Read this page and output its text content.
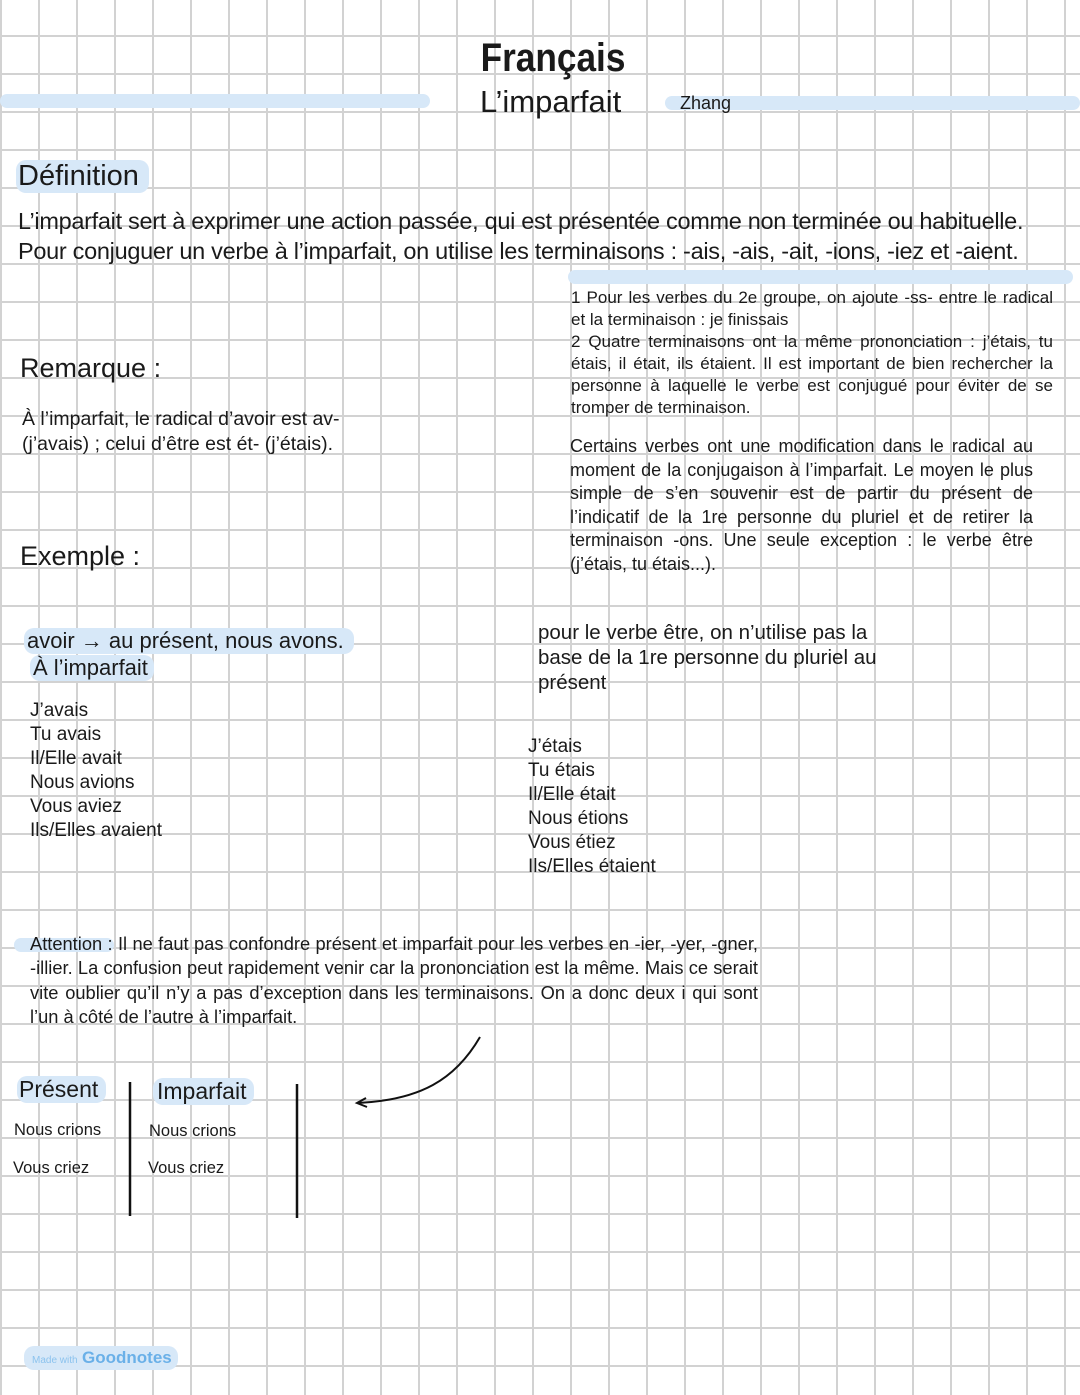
Français
L’imparfait	Zhang
Définition
L’imparfait sert à exprimer une action passée, qui est présentée comme non terminée ou habituelle. Pour conjuguer un verbe à l’imparfait, on utilise les terminaisons : -ais, -ais, -ait, -ions, -iez et -aient.
1 Pour les verbes du 2e groupe, on ajoute -ss- entre le radical et la terminaison : je finissais
2 Quatre terminaisons ont la même prononciation : j’étais, tu étais, il était, ils étaient. Il est important de bien rechercher la personne à laquelle le verbe est conjugué pour éviter de se tromper de terminaison.
Certains verbes ont une modification dans le radical au moment de la conjugaison à l’imparfait. Le moyen le plus simple de s’en souvenir est de partir du présent de l’indicatif de la 1re personne du pluriel et de retirer la terminaison -ons. Une seule exception : le verbe être (j’étais, tu étais...).
Remarque :
À l’imparfait, le radical d’avoir est av- (j’avais) ; celui d’être est ét- (j’étais).
Exemple :
avoir → au présent, nous avons.
À l’imparfait
J’avais
Tu avais
Il/Elle avait
Nous avions
Vous aviez
Ils/Elles avaient
pour le verbe être, on n’utilise pas la base de la 1re personne du pluriel au présent
J’étais
Tu étais
Il/Elle était
Nous étions
Vous étiez
Ils/Elles étaient
Attention : Il ne faut pas confondre présent et imparfait pour les verbes en -ier, -yer, -gner, -illier. La confusion peut rapidement venir car la prononciation est la même. Mais ce serait vite oublier qu’il n’y a pas d’exception dans les terminaisons. On a donc deux i qui sont l’un à côté de l’autre à l’imparfait.
Présent	Imparfait
Nous crions
Vous criez
Nous crions
Vous criez
Made with Goodnotes
